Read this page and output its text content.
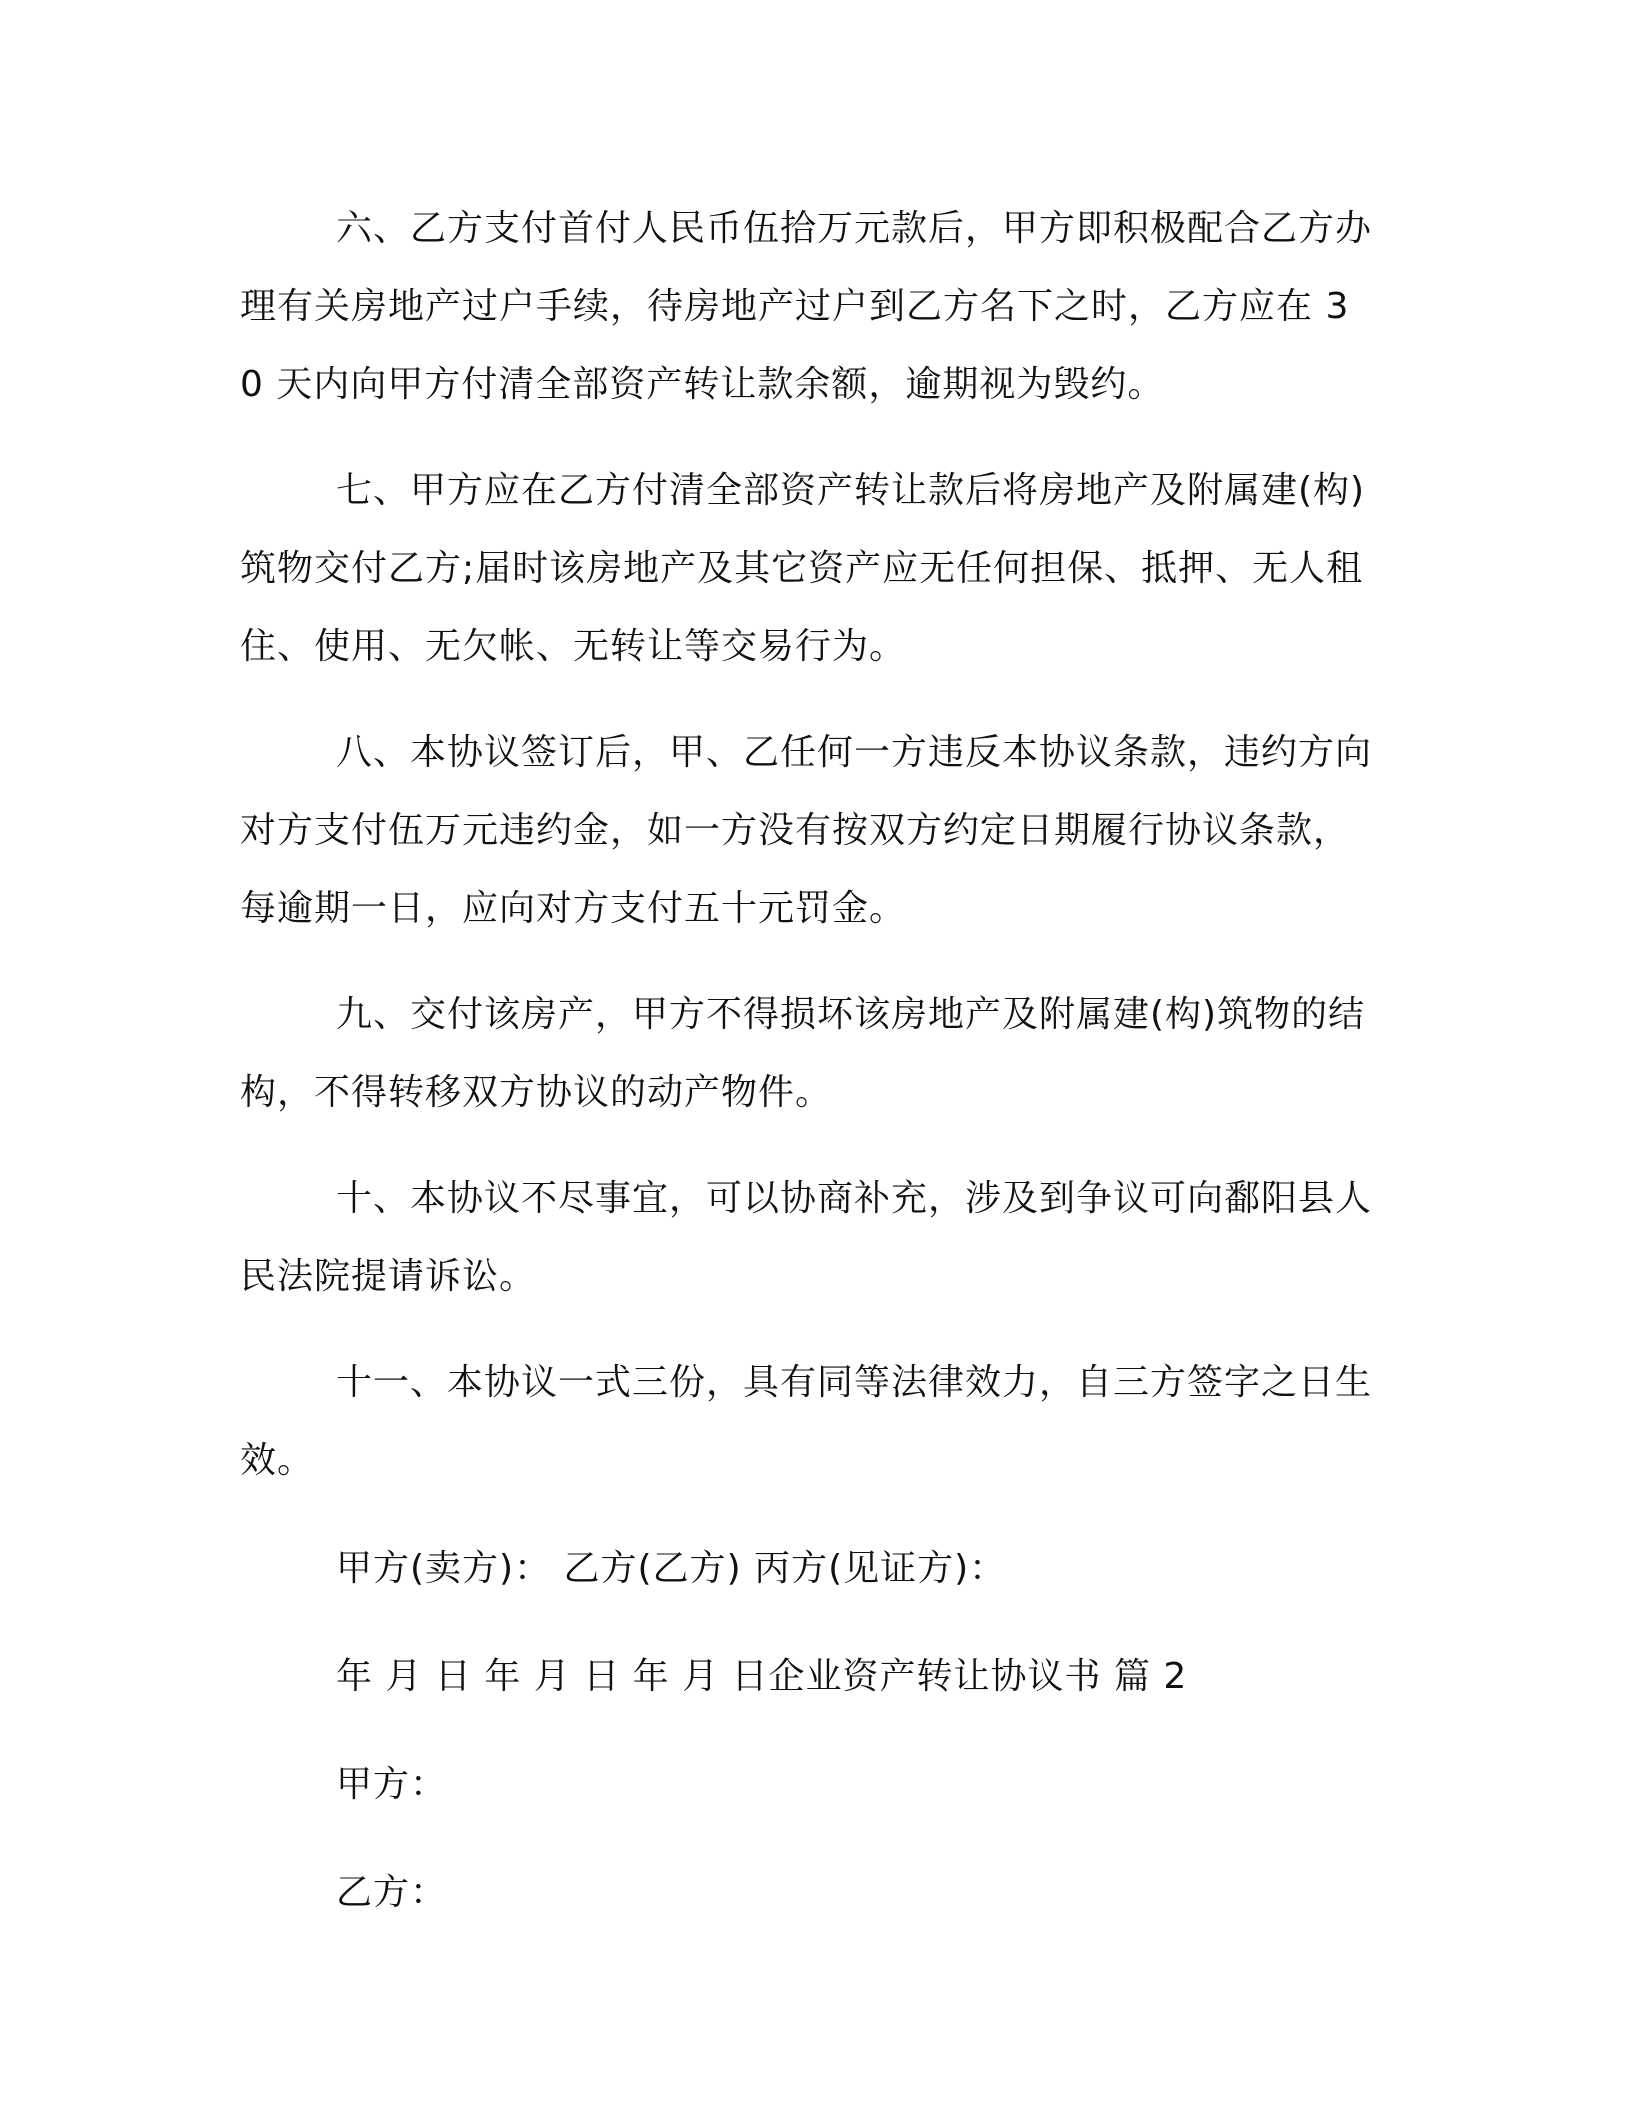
六、乙方支付首付人民币伍拾万元款后，甲方即积极配合乙方办理有关房地产过户手续，待房地产过户到乙方名下之时，乙方应在 30 天内向甲方付清全部资产转让款余额，逾期视为毁约。

七、甲方应在乙方付清全部资产转让款后将房地产及附属建(构)筑物交付乙方;届时该房地产及其它资产应无任何担保、抵押、无人租住、使用、无欠帐、无转让等交易行为。

八、本协议签订后，甲、乙任何一方违反本协议条款，违约方向对方支付伍万元违约金，如一方没有按双方约定日期履行协议条款，每逾期一日，应向对方支付五十元罚金。

九、交付该房产，甲方不得损坏该房地产及附属建(构)筑物的结构，不得转移双方协议的动产物件。

十、本协议不尽事宜，可以协商补充，涉及到争议可向鄱阳县人民法院提请诉讼。

十一、本协议一式三份，具有同等法律效力，自三方签字之日生效。

甲方(卖方)： 乙方(乙方) 丙方(见证方)：

年 月 日 年 月 日 年 月 日企业资产转让协议书 篇 2

甲方：

乙方：
